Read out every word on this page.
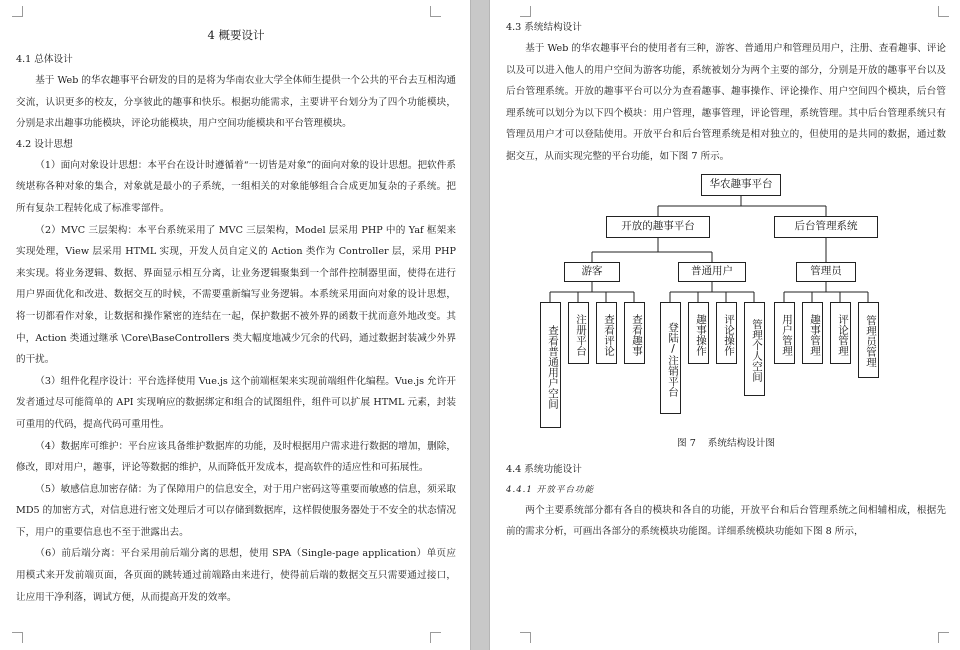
4 概要设计
4.1 总体设计

基于 Web 的华农趣事平台研发的目的是将为华南农业大学全体师生提供一个公共的平台去互相沟通交流，认识更多的校友，分享彼此的趣事和快乐。根据功能需求，主要讲平台划分为了四个功能模块，分别是求出趣事功能模块，评论功能模块，用户空间功能模块和平台管理模块。

4.2 设计思想

（1）面向对象设计思想：本平台在设计时遵循着“一切皆是对象”的面向对象的设计思想。把软件系统堪称各种对象的集合，对象就是最小的子系统，一组相关的对象能够组合合成更加复杂的子系统。把所有复杂工程转化成了标准零部件。

（2）MVC 三层架构：本平台系统采用了 MVC 三层架构，Model 层采用 PHP 中的 Yaf 框架来实现处理，View 层采用 HTML 实现，开发人员自定义的 Action 类作为 Controller 层，采用 PHP 来实现。将业务逻辑、数据、界面显示相互分离，让业务逻辑聚集到一个部件控制器里面，使得在进行用户界面优化和改进、数据交互的时候，不需要重新编写业务逻辑。本系统采用面向对象的设计思想，将一切都看作对象，让数据和操作紧密的连结在一起，保护数据不被外界的函数干扰而意外地改变。其中，Action 类通过继承 \Core\BaseControllers 类大幅度地减少冗余的代码，通过数据封装减少外界的干扰。

（3）组件化程序设计：平台选择使用 Vue.js 这个前端框架来实现前端组件化编程。Vue.js 允许开发者通过尽可能简单的 API 实现响应的数据绑定和组合的试图组件，组件可以扩展 HTML 元素，封装可重用的代码，提高代码可重用性。

（4）数据库可维护：平台应该具备维护数据库的功能，及时根据用户需求进行数据的增加，删除，修改，即对用户，趣事，评论等数据的维护，从而降低开发成本，提高软件的适应性和可拓展性。

（5）敏感信息加密存储：为了保障用户的信息安全，对于用户密码这等重要而敏感的信息，须采取 MD5 的加密方式，对信息进行密文处理后才可以存储到数据库，这样假使服务器处于不安全的状态情况下，用户的重要信息也不至于泄露出去。

（6）前后端分离：平台采用前后端分离的思想，使用 SPA（Single-page application）单页应用模式来开发前端页面，各页面的跳转通过前端路由来进行，使得前后端的数据交互只需要通过接口，让应用干净利落，调试方便，从而提高开发的效率。

4.3 系统结构设计

基于 Web 的华农趣事平台的使用者有三种，游客、普通用户和管理员用户，注册、查看趣事、评论以及可以进入他人的用户空间为游客功能，系统被划分为两个主要的部分，分别是开放的趣事平台以及后台管理系统。开放的趣事平台可以分为查看趣事、趣事操作、评论操作、用户空间四个模块，后台管理系统可以划分为以下四个模块：用户管理，趣事管理，评论管理，系统管理。其中后台管理系统只有管理员用户才可以登陆使用。开放平台和后台管理系统是相对独立的，但使用的是共同的数据，通过数据交互，从而实现完整的平台功能，如下图 7 所示。

华农趣事平台
开放的趣事平台	后台管理系统
游客	普通用户	管理员
查看普通用户空间	注册平台	查看评论	查看趣事	登陆/注销平台	趣事操作	评论操作	管理个人空间	用户管理	趣事管理	评论管理	管理员管理
图 7 系统结构设计图
4.4 系统功能设计
4.4.1 开放平台功能

两个主要系统部分都有各自的模块和各自的功能，开放平台和后台管理系统之间相辅相成，根据先前的需求分析，可画出各部分的系统模块功能图。详细系统模块功能如下图 8 所示，
